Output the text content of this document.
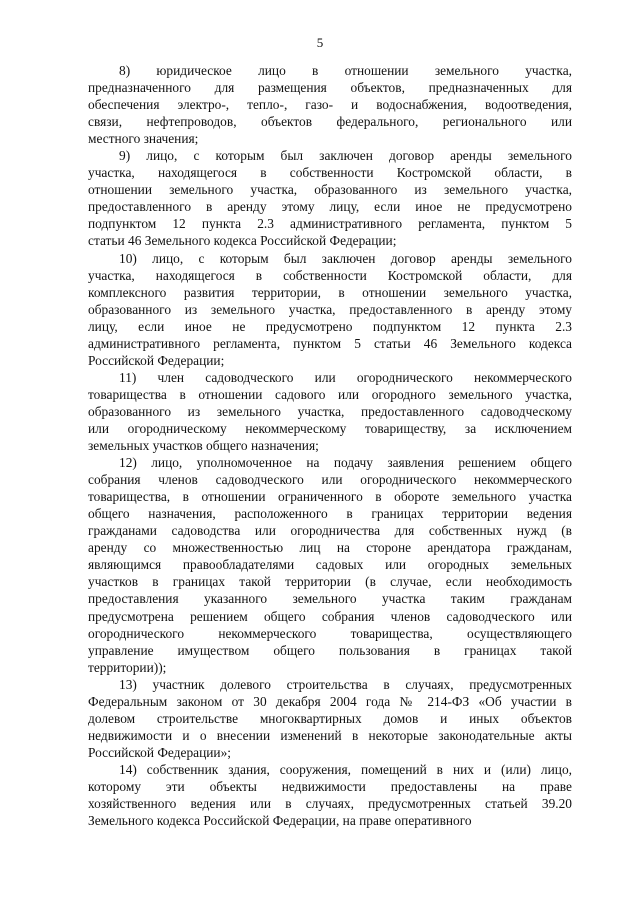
5
8) юридическое лицо в отношении земельного участка,
предназначенного для размещения объектов, предназначенных для
обеспечения электро-, тепло-, газо- и водоснабжения, водоотведения,
связи, нефтепроводов, объектов федерального, регионального или
местного значения;
9) лицо, с которым был заключен договор аренды земельного
участка, находящегося в собственности Костромской области, в
отношении земельного участка, образованного из земельного участка,
предоставленного в аренду этому лицу, если иное не предусмотрено
подпунктом 12 пункта 2.3 административного регламента, пунктом 5
статьи 46 Земельного кодекса Российской Федерации;
10) лицо, с которым был заключен договор аренды земельного
участка, находящегося в собственности Костромской области, для
комплексного развития территории, в отношении земельного участка,
образованного из земельного участка, предоставленного в аренду этому
лицу, если иное не предусмотрено подпунктом 12 пункта 2.3
административного регламента, пунктом 5 статьи 46 Земельного кодекса
Российской Федерации;
11) член садоводческого или огороднического некоммерческого
товарищества в отношении садового или огородного земельного участка,
образованного из земельного участка, предоставленного садоводческому
или огородническому некоммерческому товариществу, за исключением
земельных участков общего назначения;
12) лицо, уполномоченное на подачу заявления решением общего
собрания членов садоводческого или огороднического некоммерческого
товарищества, в отношении ограниченного в обороте земельного участка
общего назначения, расположенного в границах территории ведения
гражданами садоводства или огородничества для собственных нужд (в
аренду со множественностью лиц на стороне арендатора гражданам,
являющимся правообладателями садовых или огородных земельных
участков в границах такой территории (в случае, если необходимость
предоставления указанного земельного участка таким гражданам
предусмотрена решением общего собрания членов садоводческого или
огороднического некоммерческого товарищества, осуществляющего
управление имуществом общего пользования в границах такой
территории));
13) участник долевого строительства в случаях, предусмотренных
Федеральным законом от 30 декабря 2004 года № 214-ФЗ «Об участии в
долевом строительстве многоквартирных домов и иных объектов
недвижимости и о внесении изменений в некоторые законодательные акты
Российской Федерации»;
14) собственник здания, сооружения, помещений в них и (или) лицо,
которому эти объекты недвижимости предоставлены на праве
хозяйственного ведения или в случаях, предусмотренных статьей 39.20
Земельного кодекса Российской Федерации, на праве оперативного
